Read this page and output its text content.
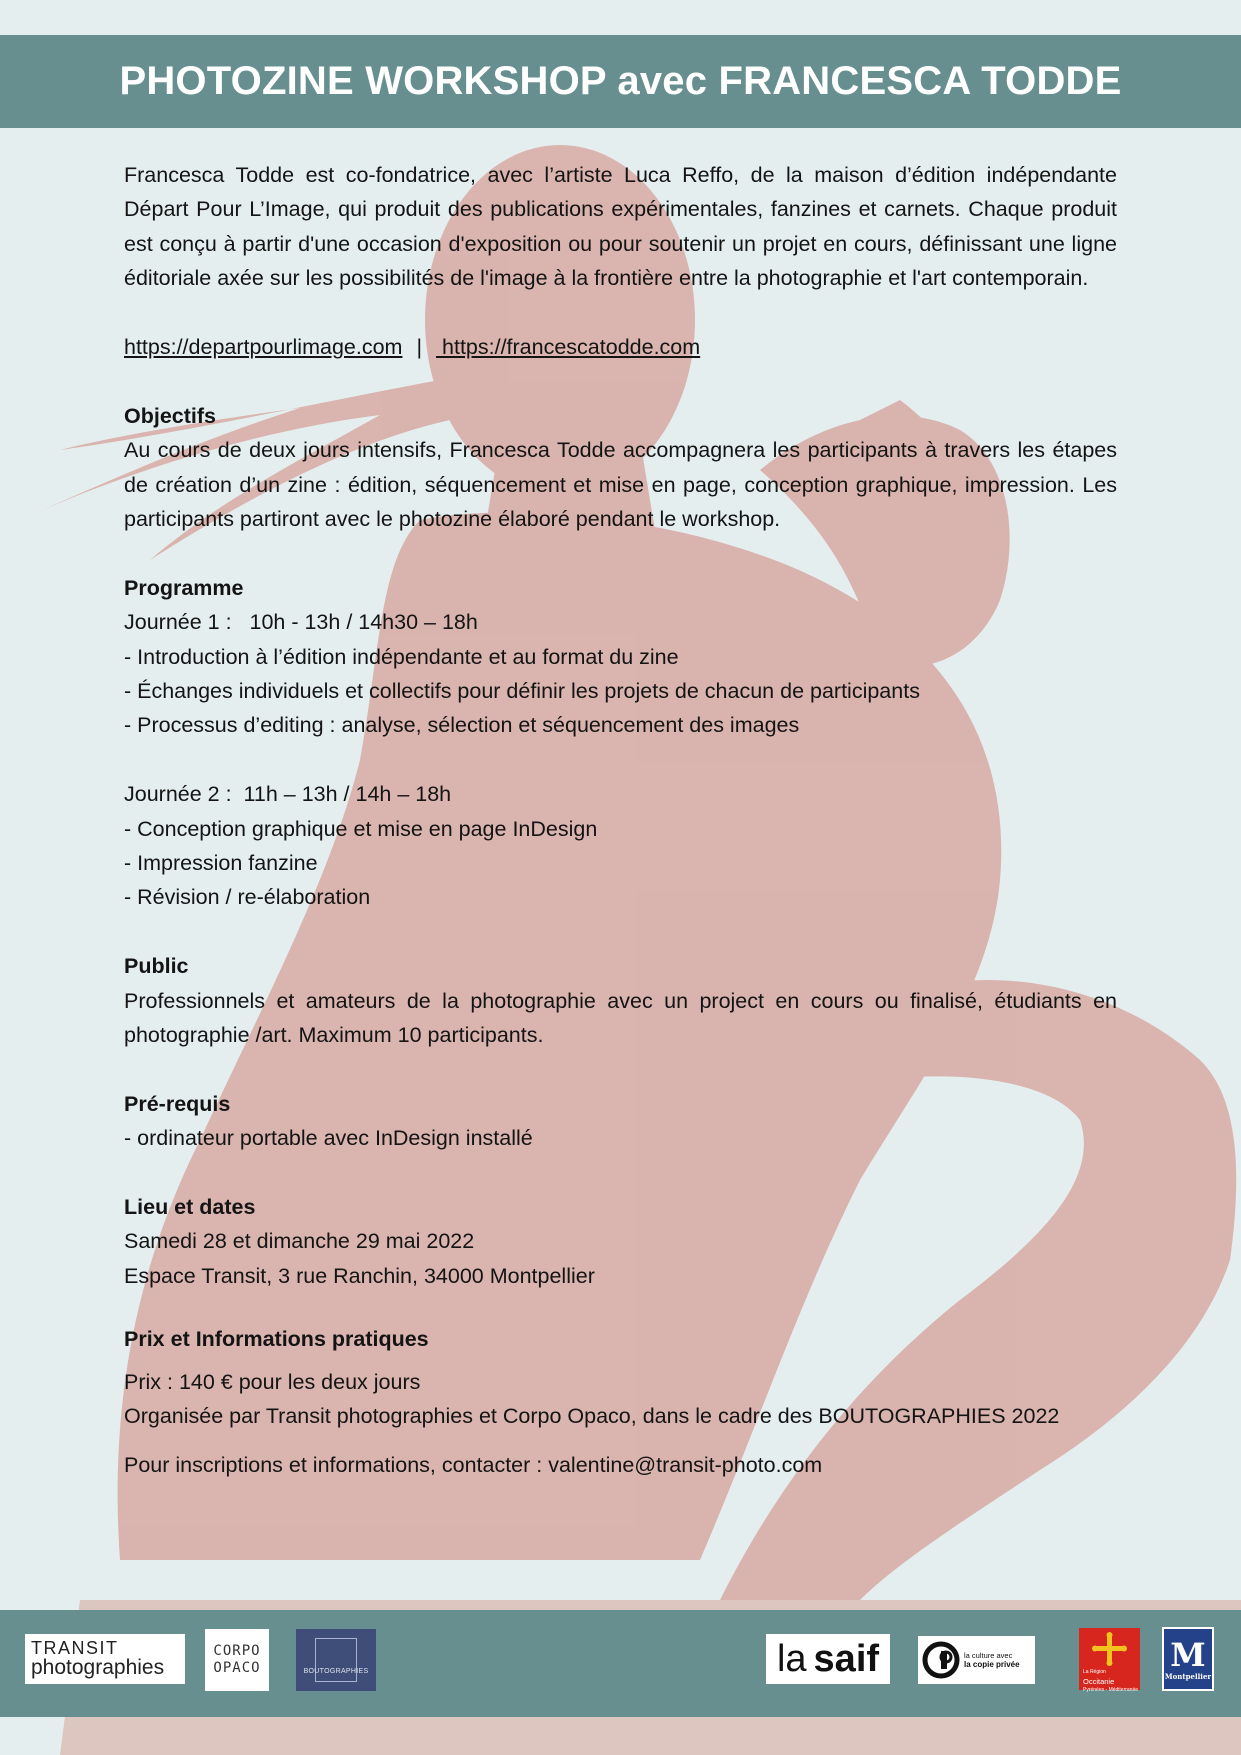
PHOTOZINE WORKSHOP avec FRANCESCA TODDE

Francesca Todde est co-fondatrice, avec l’artiste Luca Reffo, de la maison d’édition indépendante Départ Pour L’Image, qui produit des publications expérimentales, fanzines et carnets. Chaque produit est conçu à partir d'une occasion d'exposition ou pour soutenir un projet en cours, définissant une ligne éditoriale axée sur les possibilités de l'image à la frontière entre la photographie et l'art contemporain.

https://departpourlimage.com | https://francescatodde.com

Objectifs

Au cours de deux jours intensifs, Francesca Todde accompagnera les participants à travers les étapes de création d’un zine : édition, séquencement et mise en page, conception graphique, impression. Les participants partiront avec le photozine élaboré pendant le workshop.

Programme

Journée 1 :   10h - 13h / 14h30 – 18h

- Introduction à l’édition indépendante et au format du zine

- Échanges individuels et collectifs pour définir les projets de chacun de participants

- Processus d’editing : analyse, sélection et séquencement des images

Journée 2 :  11h – 13h / 14h – 18h

- Conception graphique et mise en page InDesign

- Impression fanzine

- Révision / re-élaboration

Public

Professionnels et amateurs de la photographie avec un project en cours ou finalisé, étudiants en photographie /art. Maximum 10 participants.

Pré-requis

- ordinateur portable avec InDesign installé

Lieu et dates

Samedi 28 et dimanche 29 mai 2022

Espace Transit, 3 rue Ranchin, 34000 Montpellier

Prix et Informations pratiques

Prix : 140 € pour les deux jours

Organisée par Transit photographies et Corpo Opaco, dans le cadre des BOUTOGRAPHIES 2022

Pour inscriptions et informations, contacter : valentine@transit-photo.com

TRANSIT
photographies
CORPO
OPACO	BOUTOGRAPHIES	la saif	la culture avec
la copie privée
La Région
Occitanie
Pyrénées - Méditerranée
M
Montpellier
